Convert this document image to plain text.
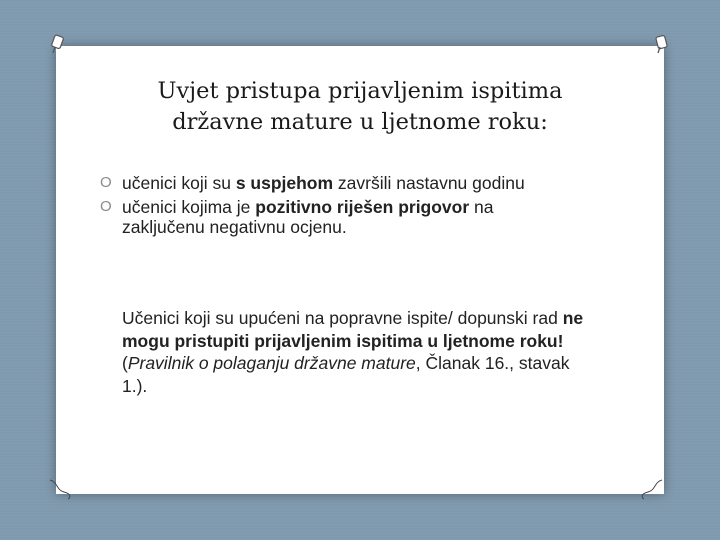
Uvjet pristupa prijavljenim ispitima
državne mature u ljetnome roku:
O učenici koji su s uspjehom završili nastavnu godinu
O učenici kojima je pozitivno riješen prigovor na zaključenu negativnu ocjenu.

Učenici koji su upućeni na popravne ispite/ dopunski rad ne mogu pristupiti prijavljenim ispitima u ljetnome roku!

(Pravilnik o polaganju državne mature, Članak 16., stavak 1.).
